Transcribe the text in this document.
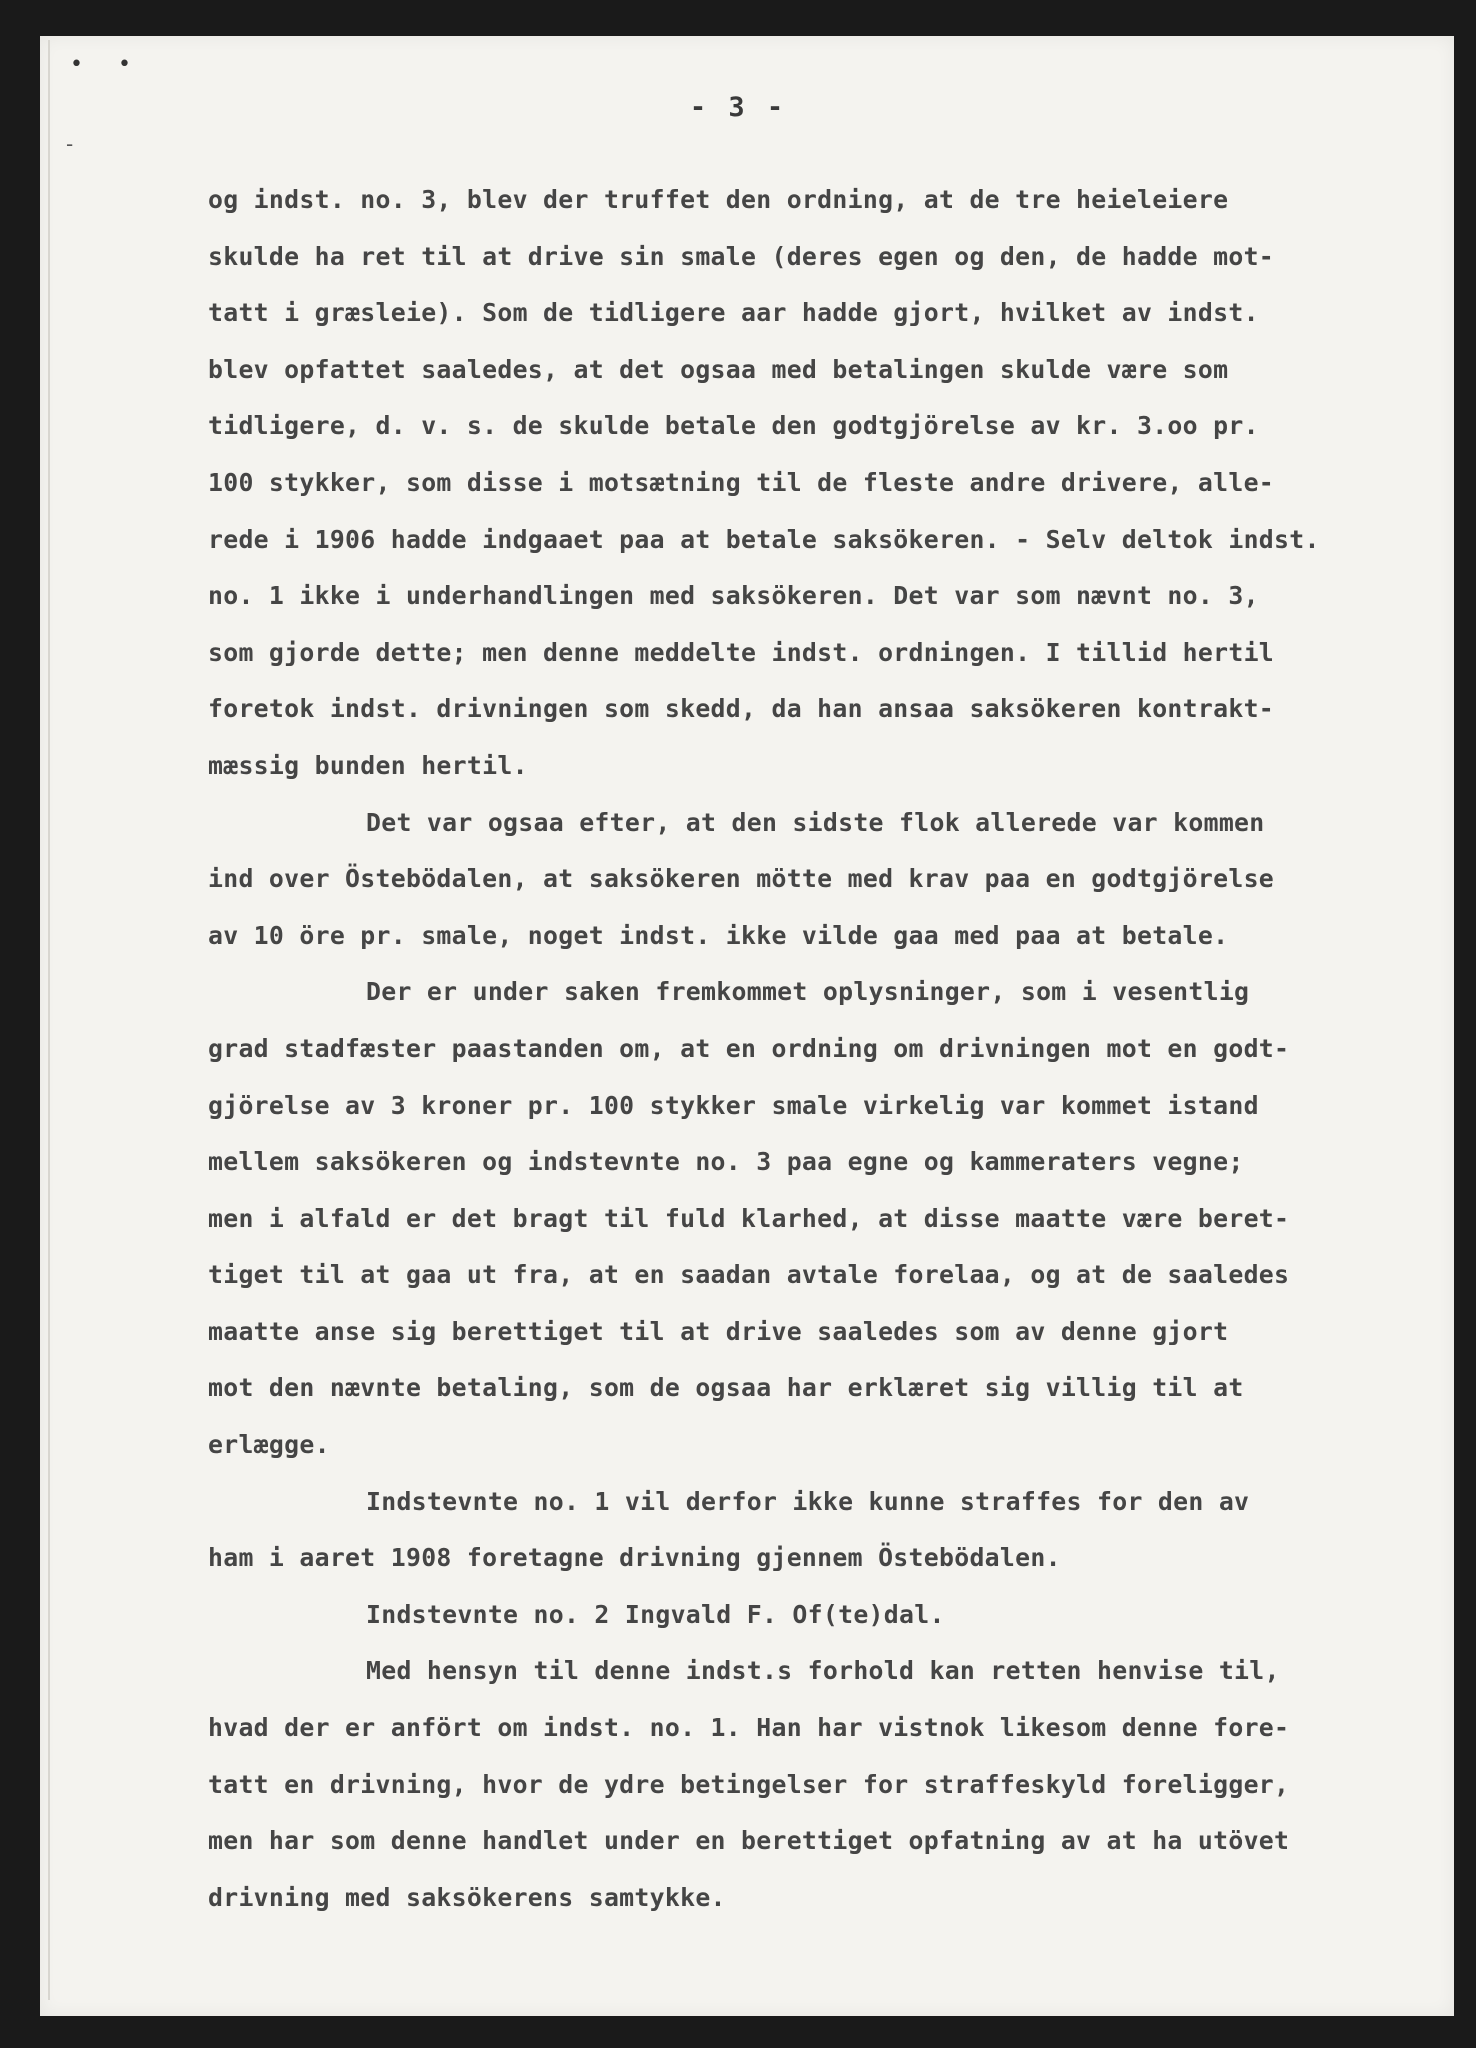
• •
-
- 3 -
og indst. no. 3, blev der truffet den ordning, at de tre heieleiere
skulde ha ret til at drive sin smale (deres egen og den, de hadde mot-
tatt i græsleie). Som de tidligere aar hadde gjort, hvilket av indst.
blev opfattet saaledes, at det ogsaa med betalingen skulde være som
tidligere, d. v. s. de skulde betale den godtgjörelse av kr. 3.oo pr.
100 stykker, som disse i motsætning til de fleste andre drivere, alle-
rede i 1906 hadde indgaaet paa at betale saksökeren. - Selv deltok indst.
no. 1 ikke i underhandlingen med saksökeren. Det var som nævnt no. 3,
som gjorde dette; men denne meddelte indst. ordningen. I tillid hertil
foretok indst. drivningen som skedd, da han ansaa saksökeren kontrakt-
mæssig bunden hertil.
Det var ogsaa efter, at den sidste flok allerede var kommen
ind over Östebödalen, at saksökeren mötte med krav paa en godtgjörelse
av 10 öre pr. smale, noget indst. ikke vilde gaa med paa at betale.
Der er under saken fremkommet oplysninger, som i vesentlig
grad stadfæster paastanden om, at en ordning om drivningen mot en godt-
gjörelse av 3 kroner pr. 100 stykker smale virkelig var kommet istand
mellem saksökeren og indstevnte no. 3 paa egne og kammeraters vegne;
men i alfald er det bragt til fuld klarhed, at disse maatte være beret-
tiget til at gaa ut fra, at en saadan avtale forelaa, og at de saaledes
maatte anse sig berettiget til at drive saaledes som av denne gjort
mot den nævnte betaling, som de ogsaa har erklæret sig villig til at
erlægge.
Indstevnte no. 1 vil derfor ikke kunne straffes for den av
ham i aaret 1908 foretagne drivning gjennem Östebödalen.
Indstevnte no. 2 Ingvald F. Of(te)dal.
Med hensyn til denne indst.s forhold kan retten henvise til,
hvad der er anfört om indst. no. 1. Han har vistnok likesom denne fore-
tatt en drivning, hvor de ydre betingelser for straffeskyld foreligger,
men har som denne handlet under en berettiget opfatning av at ha utövet
drivning med saksökerens samtykke.
